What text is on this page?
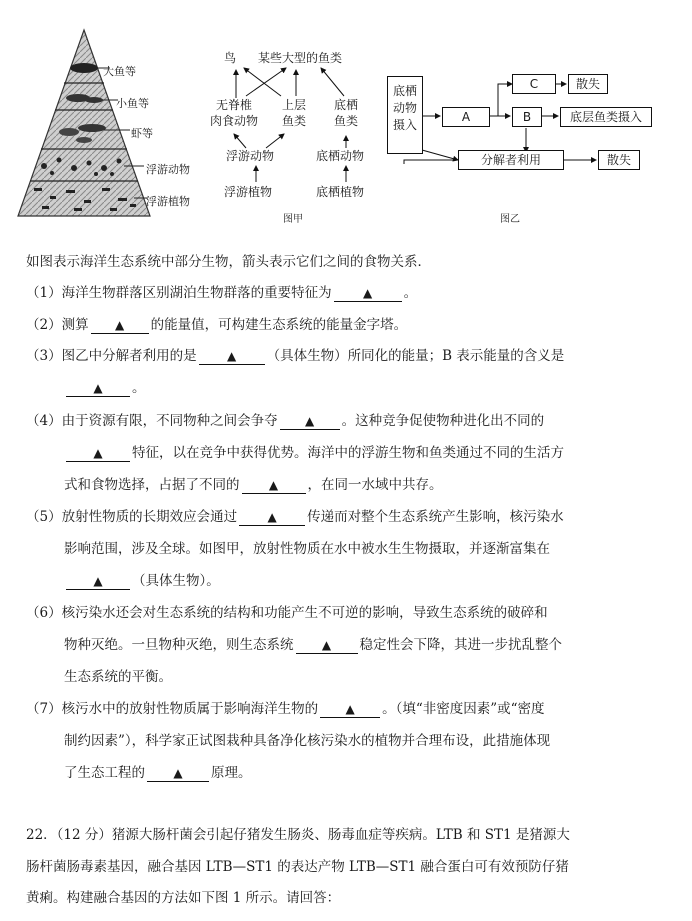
大鱼等
小鱼等
虾等
浮游动物
浮游植物
鸟 某些大型的鱼类
无脊椎
肉食动物
上层
鱼类
底栖
鱼类
浮游动物	底栖动物
浮游植物	底栖植物
图甲
底栖
动物
摄入
A
C
B
散失
底层鱼类摄入
分解者利用	散失
图乙
如图表示海洋生态系统中部分生物，箭头表示它们之间的食物关系．
（1）海洋生物群落区别湖泊生物群落的重要特征为	▲ 。
（2）测算 ▲ 的能量值，可构建生态系统的能量金字塔。
（3）图乙中分解者利用的是	▲ （具体生物）所同化的能量；B 表示能量的含义是
▲ 。
（4）由于资源有限，不同物种之间会争夺 ▲ 。这种竞争促使物种进化出不同的
▲ 特征，以在竞争中获得优势。海洋中的浮游生物和鱼类通过不同的生活方
式和食物选择，占据了不同的 ▲ ，在同一水域中共存。
（5）放射性物质的长期效应会通过	▲ 传递而对整个生态系统产生影响，核污染水
影响范围，涉及全球。如图甲，放射性物质在水中被水生生物摄取，并逐渐富集在
▲ （具体生物）。
（6）核污染水还会对生态系统的结构和功能产生不可逆的影响，导致生态系统的破碎和
物种灭绝。一旦物种灭绝，则生态系统 ▲ 稳定性会下降，其进一步扰乱整个
生态系统的平衡。
（7）核污水中的放射性物质属于影响海洋生物的 ▲ 。（填“非密度因素”或“密度
制约因素”），科学家正试图栽种具备净化核污染水的植物并合理布设，此措施体现
了生态工程的 ▲ 原理。
22．（12 分）猪源大肠杆菌会引起仔猪发生肠炎、肠毒血症等疾病。LTB 和 ST1 是猪源大
肠杆菌肠毒素基因，融合基因 LTB—ST1 的表达产物 LTB—ST1 融合蛋白可有效预防仔猪
黄痢。构建融合基因的方法如下图 1 所示。请回答：
